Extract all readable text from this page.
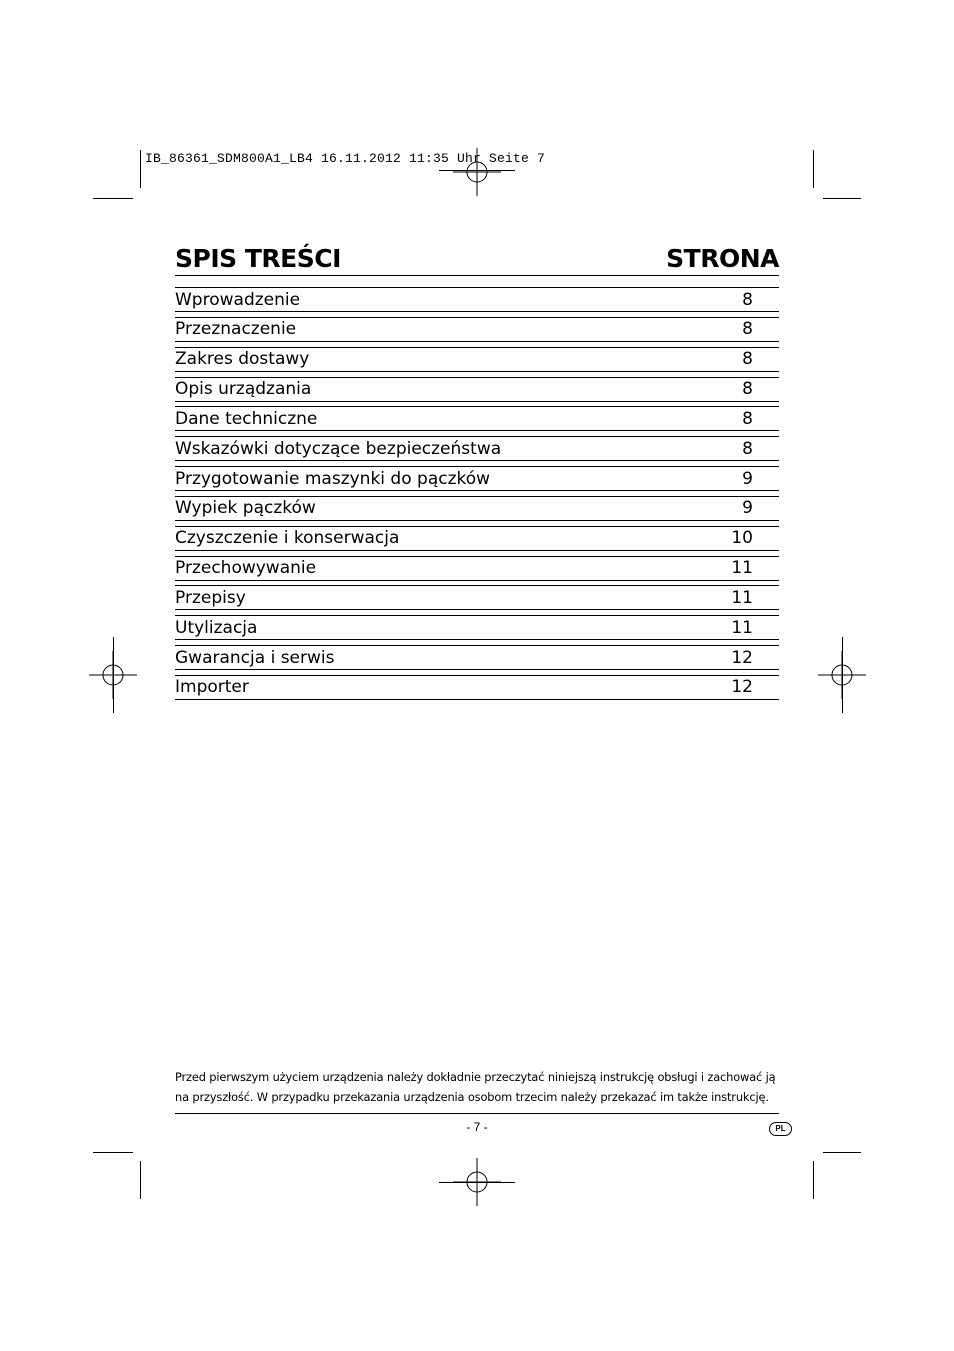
IB_86361_SDM800A1_LB4 16.11.2012 11:35 Uhr Seite 7
SPIS TREŚCI	STRONA
Wprowadzenie	8
Przeznaczenie	8
Zakres dostawy	8
Opis urządzania	8
Dane techniczne	8
Wskazówki dotyczące bezpieczeństwa	8
Przygotowanie maszynki do pączków	9
Wypiek pączków	9
Czyszczenie i konserwacja	10
Przechowywanie	11
Przepisy	11
Utylizacja	11
Gwarancja i serwis	12
Importer	12
Przed pierwszym użyciem urządzenia należy dokładnie przeczytać niniejszą instrukcję obsługi i zachować ją na przyszłość. W przypadku przekazania urządzenia osobom trzecim należy przekazać im także instrukcję.
- 7 -	PL
